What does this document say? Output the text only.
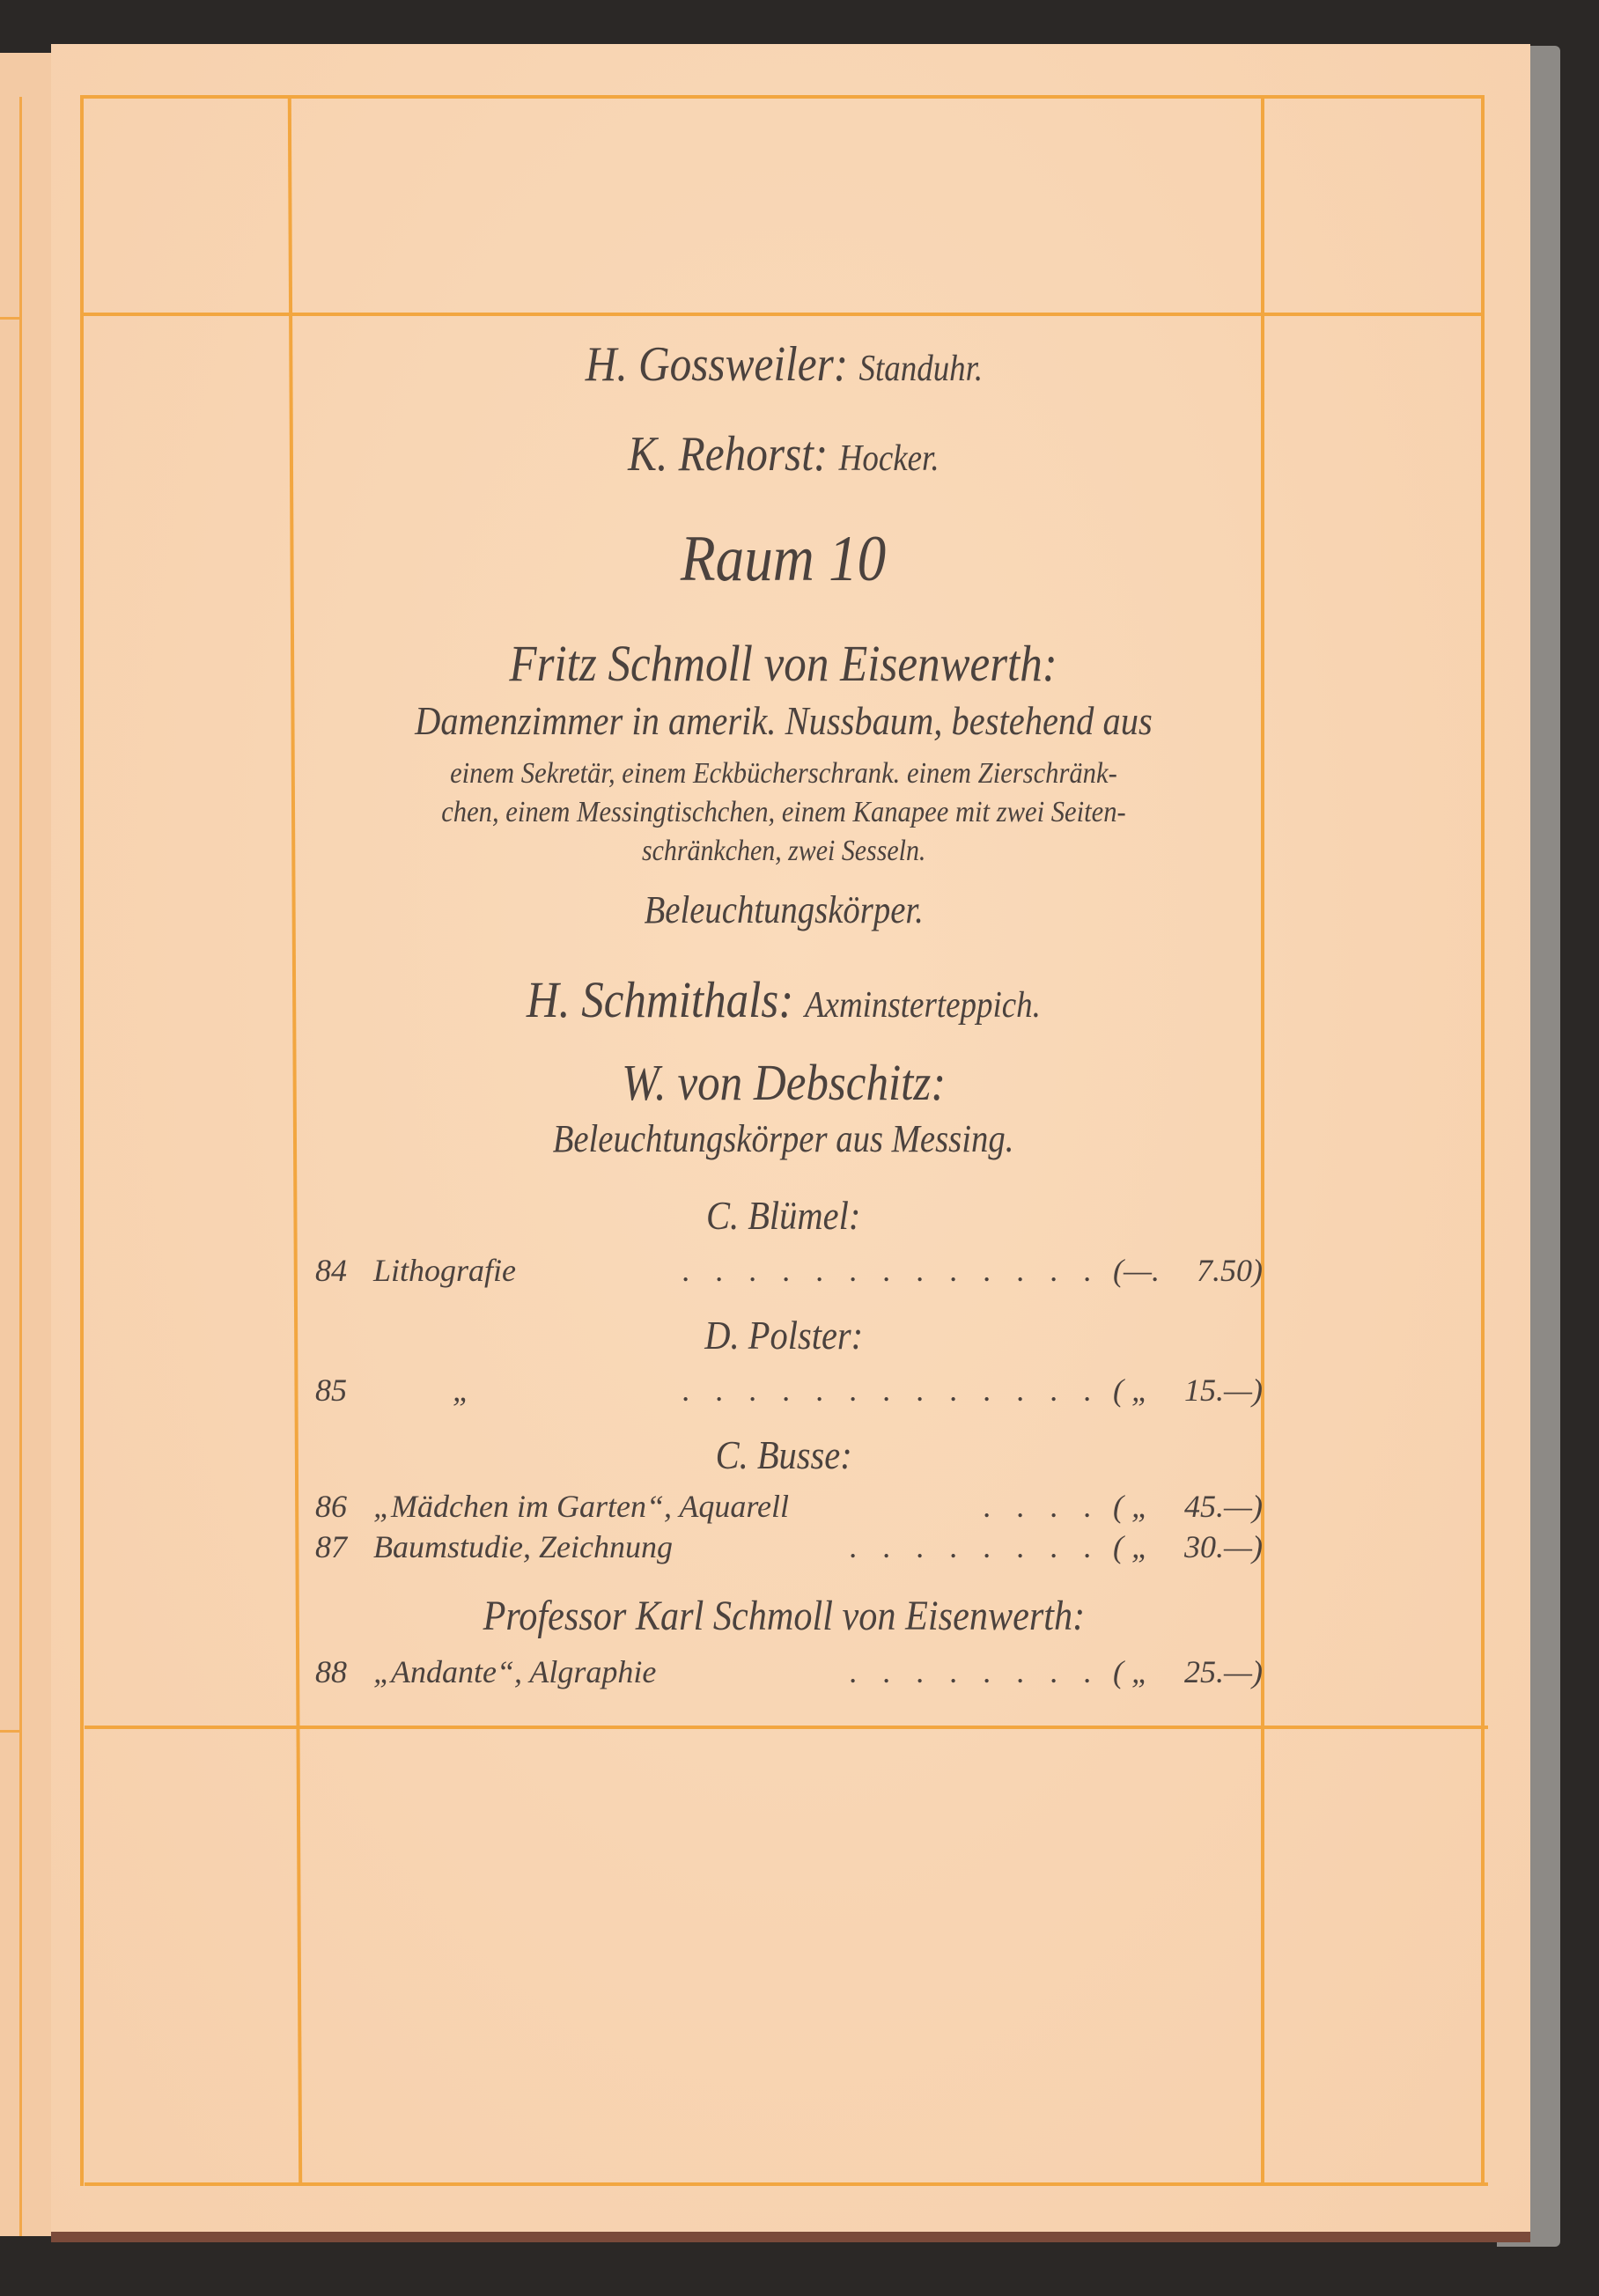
H. Gossweiler: Standuhr.
K. Rehorst: Hocker.
Raum 10
Fritz Schmoll von Eisenwerth:
Damenzimmer in amerik. Nussbaum, bestehend aus
einem Sekretär, einem Eckbücherschrank. einem Zierschränk-
chen, einem Messingtischchen, einem Kanapee mit zwei Seiten-
schränkchen, zwei Sesseln.
Beleuchtungskörper.
H. Schmithals: Axminsterteppich.
W. von Debschitz:
Beleuchtungskörper aus Messing.
C. Blümel:
84 Lithografie	. . . . . . . . . . . . . (—.	7.50)
D. Polster:
85	„	. . . . . . . . . . . . . ( „	15.—)
C. Busse:
86 „Mädchen im Garten“, Aquarell	. . . . ( „	45.—)
87 Baumstudie, Zeichnung	. . . . . . . . ( „	30.—)
Professor Karl Schmoll von Eisenwerth:
88 „Andante“, Algraphie	. . . . . . . . ( „	25.—)
